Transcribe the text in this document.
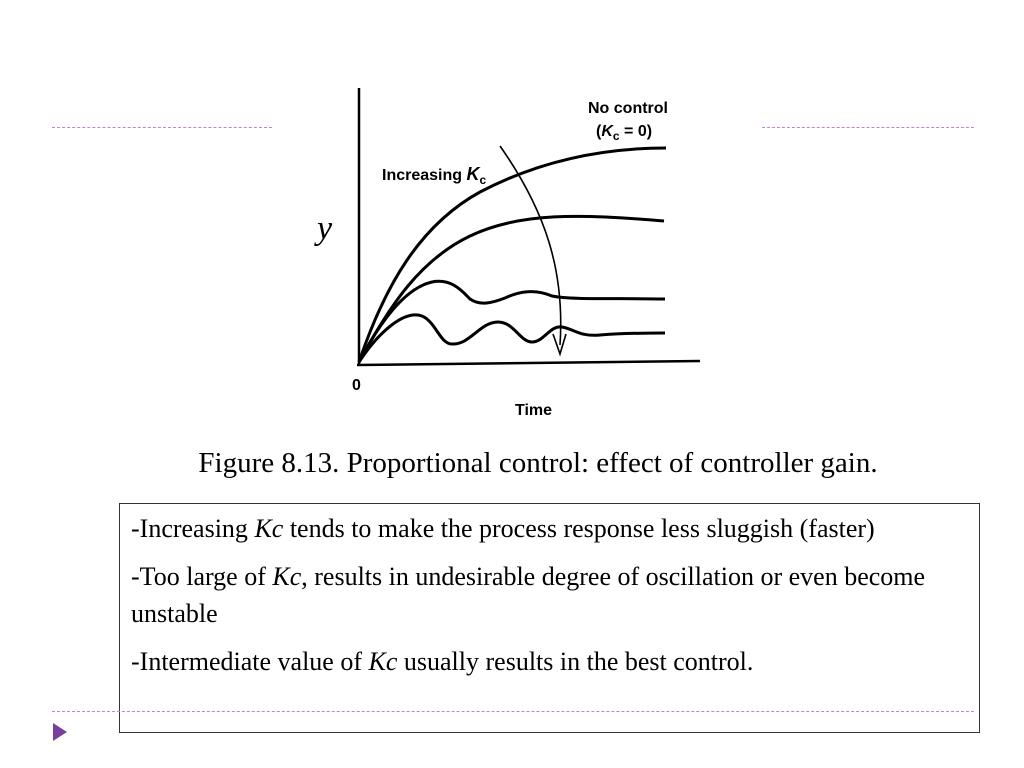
y
0
Time
No control
$(K_c = 0)$
Increasing $K_c$
Figure 8.13. Proportional control: effect of controller gain.

-Increasing Kc tends to make the process response less sluggish (faster)

-Too large of Kc, results in undesirable degree of oscillation or even become unstable

-Intermediate value of Kc usually results in the best control.
